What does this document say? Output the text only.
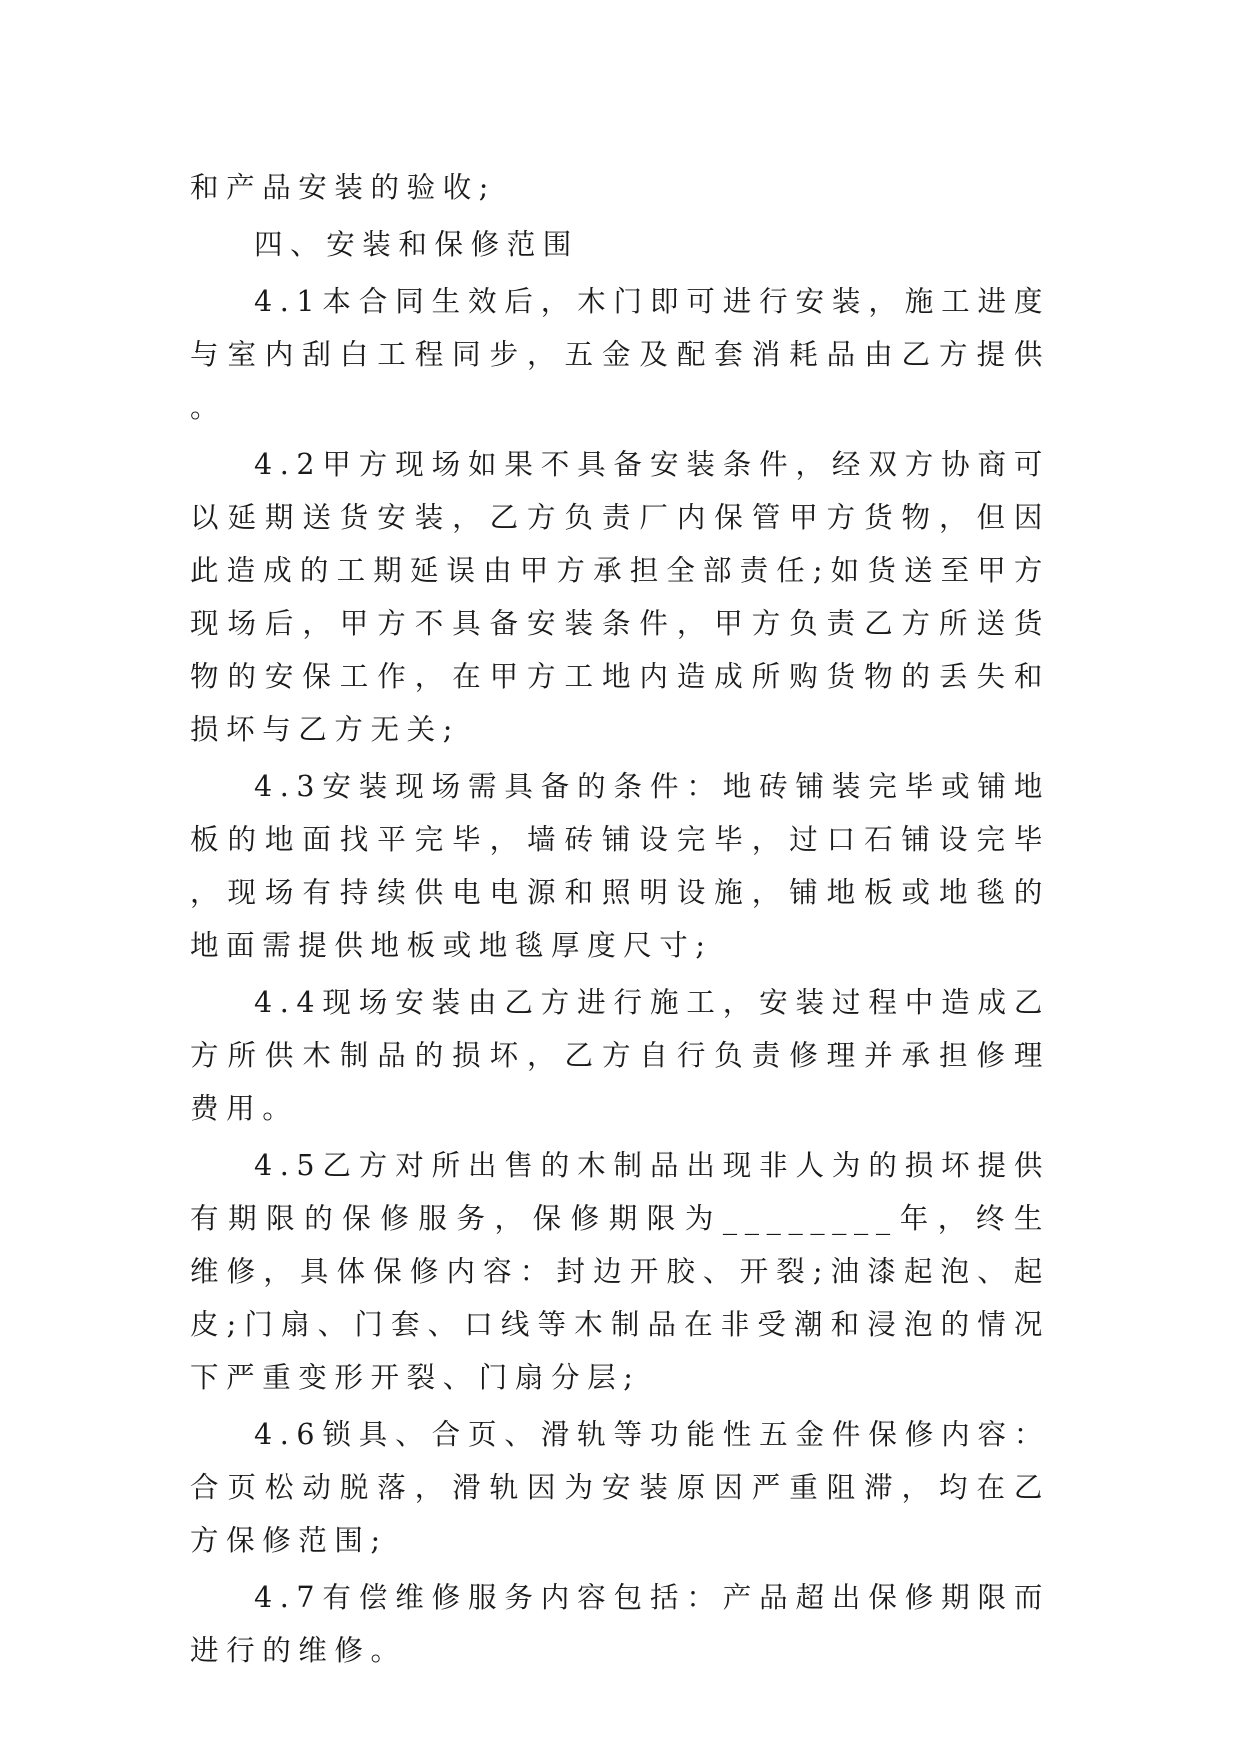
和产品安装的验收;

四、安装和保修范围

4.1本合同生效后，木门即可进行安装，施工进度与室内刮白工程同步，五金及配套消耗品由乙方提供。

4.2甲方现场如果不具备安装条件，经双方协商可以延期送货安装，乙方负责厂内保管甲方货物，但因此造成的工期延误由甲方承担全部责任;如货送至甲方现场后，甲方不具备安装条件，甲方负责乙方所送货物的安保工作，在甲方工地内造成所购货物的丢失和损坏与乙方无关;

4.3安装现场需具备的条件：地砖铺装完毕或铺地板的地面找平完毕，墙砖铺设完毕，过口石铺设完毕，现场有持续供电电源和照明设施，铺地板或地毯的地面需提供地板或地毯厚度尺寸;

4.4现场安装由乙方进行施工，安装过程中造成乙方所供木制品的损坏，乙方自行负责修理并承担修理费用。

4.5乙方对所出售的木制品出现非人为的损坏提供有期限的保修服务，保修期限为________年，终生维修，具体保修内容：封边开胶、开裂;油漆起泡、起皮;门扇、门套、口线等木制品在非受潮和浸泡的情况下严重变形开裂、门扇分层;

4.6锁具、合页、滑轨等功能性五金件保修内容：合页松动脱落，滑轨因为安装原因严重阻滞，均在乙方保修范围;

4.7有偿维修服务内容包括：产品超出保修期限而进行的维修。
